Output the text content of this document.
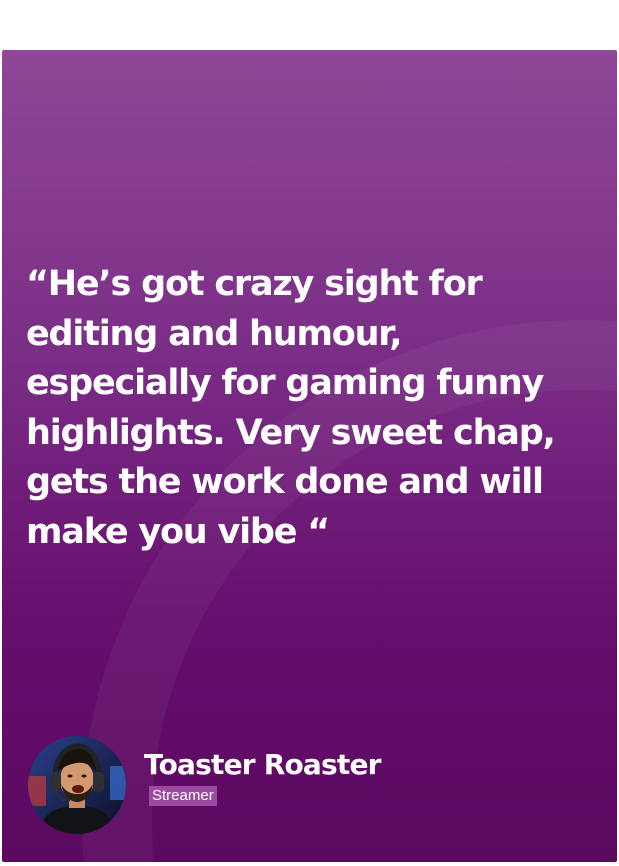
“He’s got crazy sight for
editing and humour,
especially for gaming funny
highlights. Very sweet chap,
gets the work done and will
make you vibe “

Toaster Roaster
Streamer
